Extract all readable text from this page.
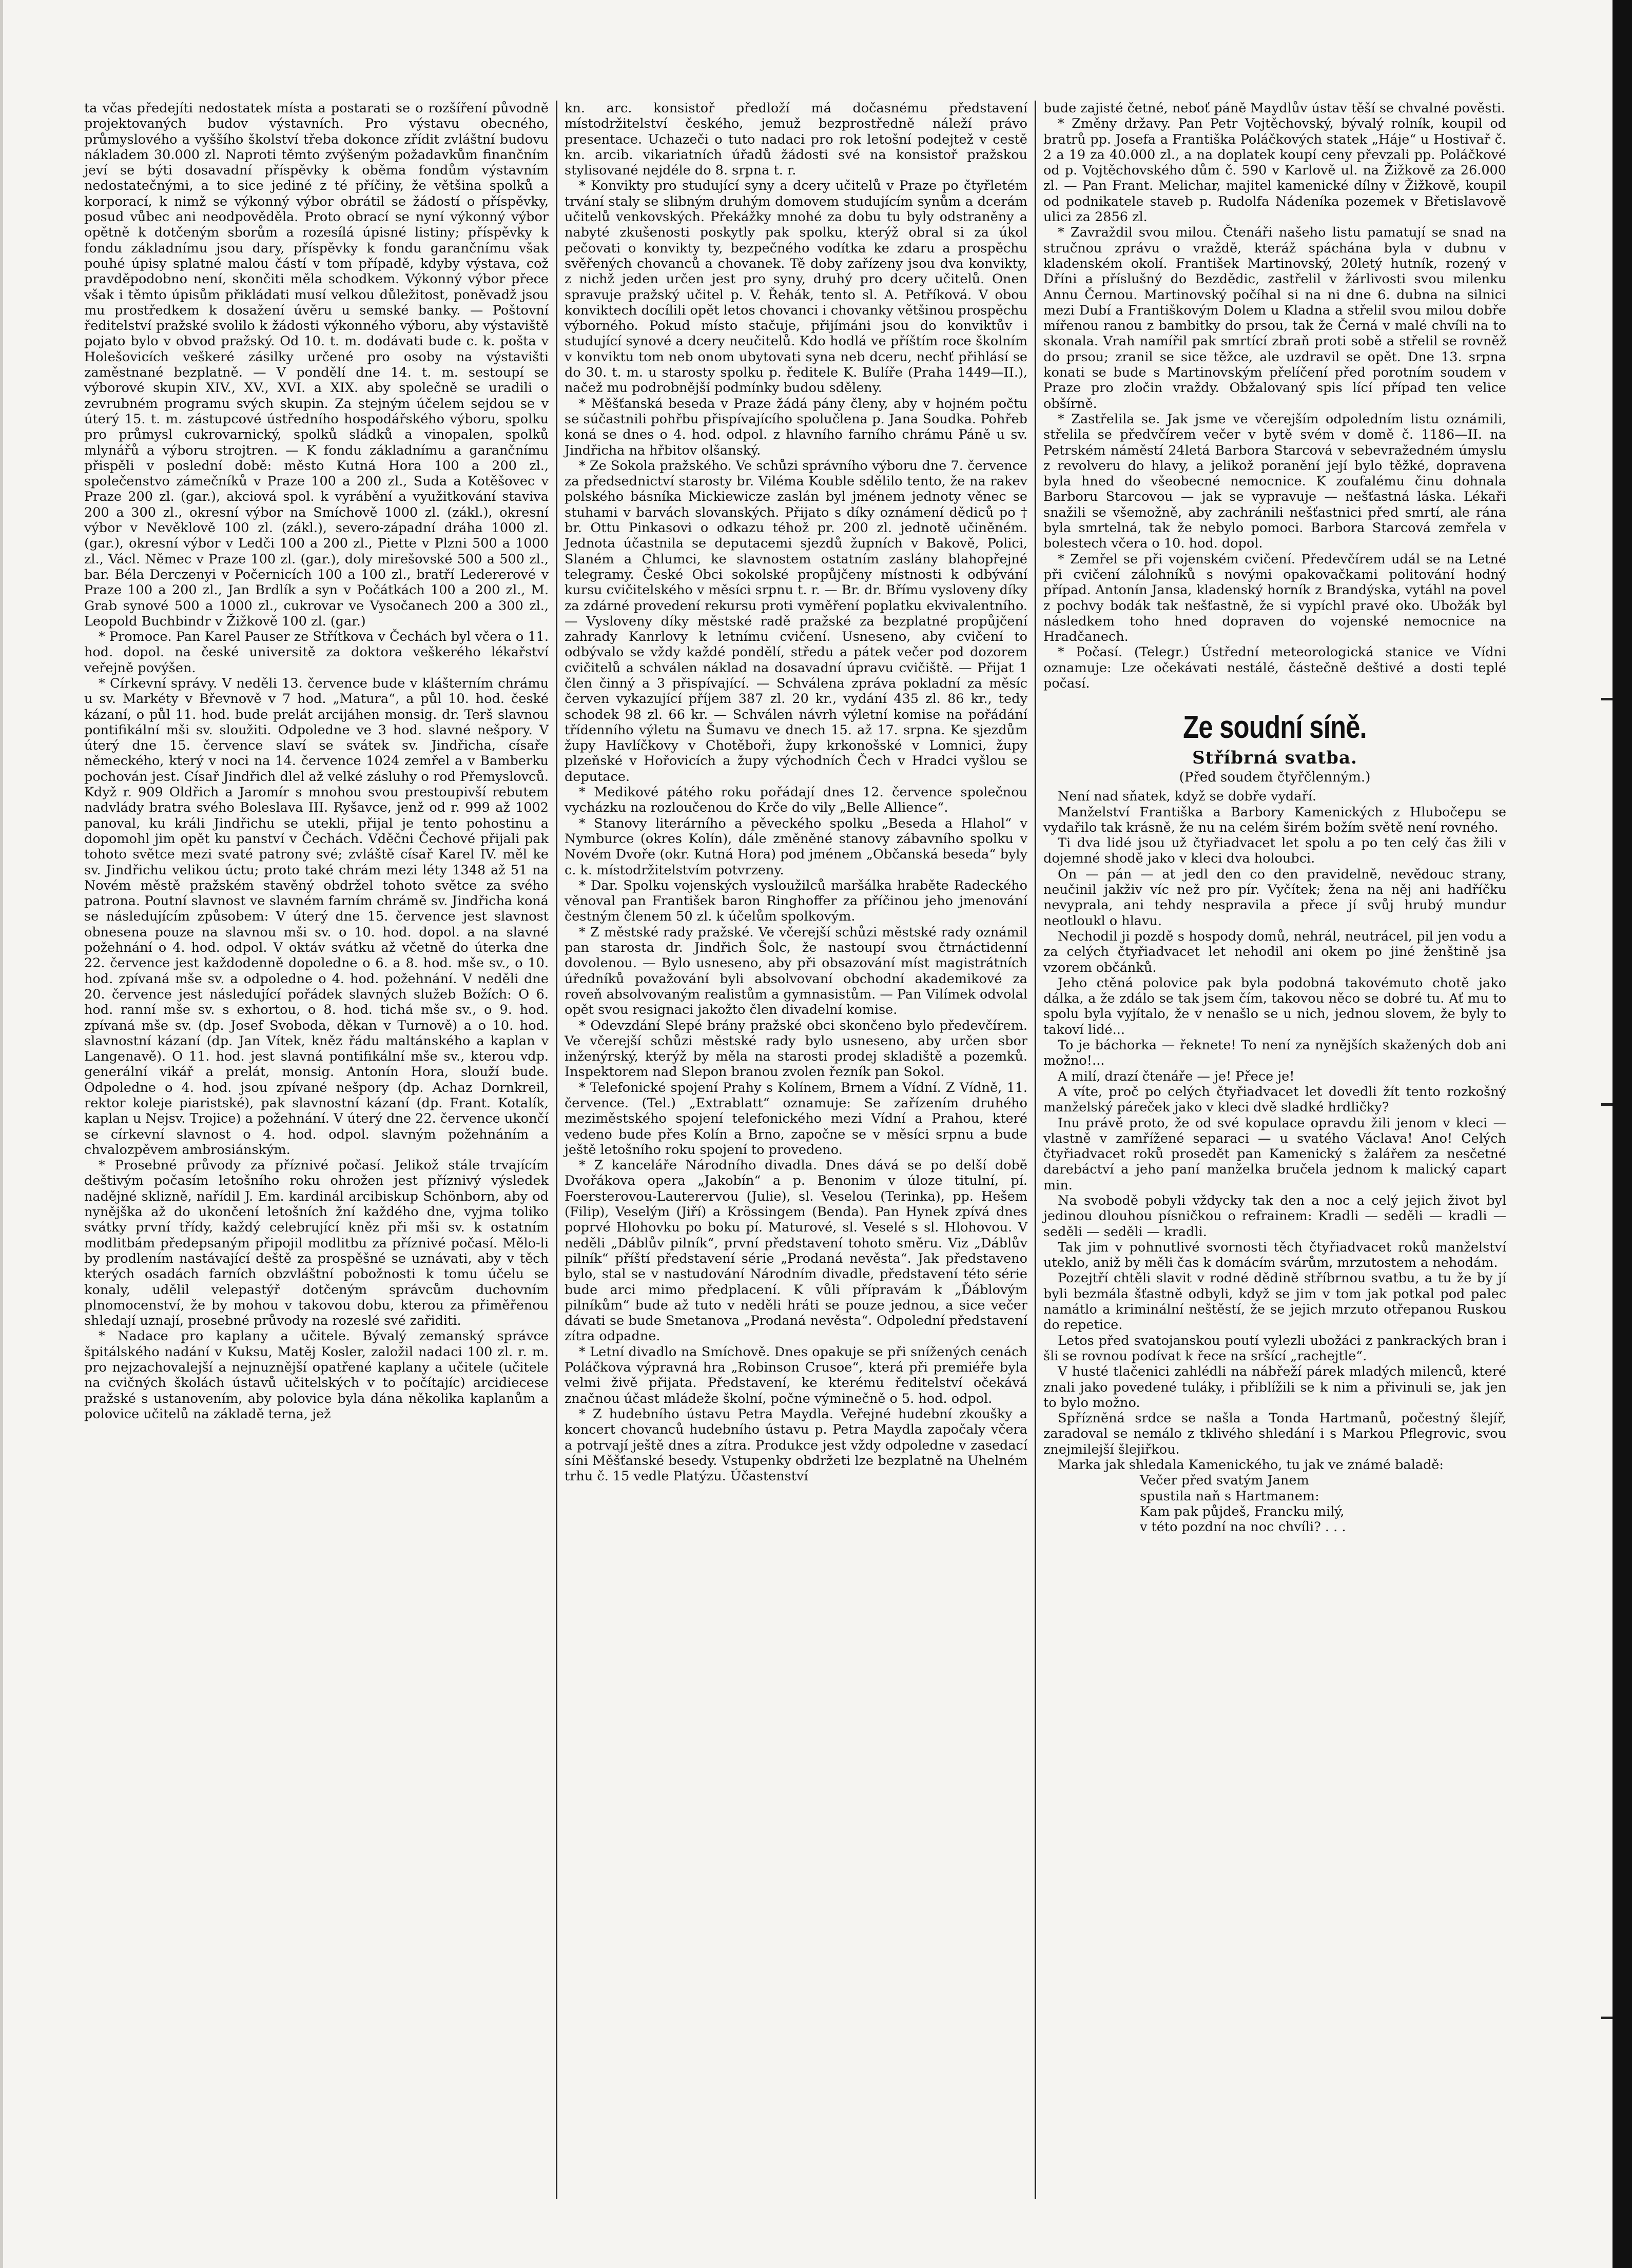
ta včas předejíti nedostatek místa a postarati se o rozšíření původně projektovaných budov výstavních. Pro výstavu obecného, průmyslového a vyššího školství třeba dokonce zřídit zvláštní budovu nákladem 30.000 zl. Naproti těmto zvýšeným požadavkům finančním jeví se býti dosavadní příspěvky k oběma fondům výstavním nedostatečnými, a to sice jediné z té příčiny, že většina spolků a korporací, k nimž se výkonný výbor obrátil se žádostí o příspěvky, posud vůbec ani neodpověděla. Proto obrací se nyní výkonný výbor opětně k dotčeným sborům a rozesílá úpisné listiny; příspěvky k fondu základnímu jsou dary, příspěvky k fondu garančnímu však pouhé úpisy splatné malou částí v tom případě, kdyby výstava, což pravděpodobno není, skončiti měla schodkem. Výkonný výbor přece však i těmto úpisům přikládati musí velkou důležitost, poněvadž jsou mu prostředkem k dosažení úvěru u semské banky. — Poštovní ředitelství pražské svolilo k žádosti výkonného výboru, aby výstaviště pojato bylo v obvod pražský. Od 10. t. m. dodávati bude c. k. pošta v Holešovicích veškeré zásilky určené pro osoby na výstavišti zaměstnané bezplatně. — V pondělí dne 14. t. m. sestoupí se výborové skupin XIV., XV., XVI. a XIX. aby společně se uradili o zevrubném programu svých skupin. Za stejným účelem sejdou se v úterý 15. t. m. zástupcové ústředního hospodářského výboru, spolku pro průmysl cukrovarnický, spolků sládků a vinopalen, spolků mlynářů a výboru strojtren. — K fondu základnímu a garančnímu přispěli v poslední době: město Kutná Hora 100 a 200 zl., společenstvo zámečníků v Praze 100 a 200 zl., Suda a Kotěšovec v Praze 200 zl. (gar.), akciová spol. k vyrábění a využitkování staviva 200 a 300 zl., okresní výbor na Smíchově 1000 zl. (zákl.), okresní výbor v Nevěklově 100 zl. (zákl.), severo-západní dráha 1000 zl. (gar.), okresní výbor v Ledči 100 a 200 zl., Piette v Plzni 500 a 1000 zl., Václ. Němec v Praze 100 zl. (gar.), doly mirešovské 500 a 500 zl., bar. Béla Derczenyi v Počernicích 100 a 100 zl., bratří Ledererové v Praze 100 a 200 zl., Jan Brdlík a syn v Počátkách 100 a 200 zl., M. Grab synové 500 a 1000 zl., cukrovar ve Vysočanech 200 a 300 zl., Leopold Buchbindr v Žižkově 100 zl. (gar.)

* Promoce. Pan Karel Pauser ze Střítkova v Čechách byl včera o 11. hod. dopol. na české universitě za doktora veškerého lékařství veřejně povýšen.

* Církevní správy. V neděli 13. července bude v klášterním chrámu u sv. Markéty v Břevnově v 7 hod. „Matura“, a půl 10. hod. české kázaní, o půl 11. hod. bude prelát arcijáhen monsig. dr. Terš slavnou pontifikální mši sv. sloužiti. Odpoledne ve 3 hod. slavné nešpory. V úterý dne 15. července slaví se svátek sv. Jindřicha, císaře německého, který v noci na 14. července 1024 zemřel a v Bamberku pochován jest. Císař Jindřich dlel až velké zásluhy o rod Přemyslovců. Když r. 909 Oldřich a Jaromír s mnohou svou prestoupivší rebutem nadvlády bratra svého Boleslava III. Ryšavce, jenž od r. 999 až 1002 panoval, ku králi Jindřichu se utekli, přijal je tento pohostinu a dopomohl jim opět ku panství v Čechách. Vděčni Čechové přijali pak tohoto světce mezi svaté patrony své; zvláště císař Karel IV. měl ke sv. Jindřichu velikou úctu; proto také chrám mezi léty 1348 až 51 na Novém městě pražském stavěný obdržel tohoto světce za svého patrona. Poutní slavnost ve slavném farním chrámě sv. Jindřicha koná se následujícím způsobem: V úterý dne 15. července jest slavnost obnesena pouze na slavnou mši sv. o 10. hod. dopol. a na slavné požehnání o 4. hod. odpol. V oktáv svátku až včetně do úterka dne 22. července jest každodenně dopoledne o 6. a 8. hod. mše sv., o 10. hod. zpívaná mše sv. a odpoledne o 4. hod. požehnání. V neděli dne 20. července jest následující pořádek slavných služeb Božích: O 6. hod. ranní mše sv. s exhortou, o 8. hod. tichá mše sv., o 9. hod. zpívaná mše sv. (dp. Josef Svoboda, děkan v Turnově) a o 10. hod. slavnostní kázaní (dp. Jan Vítek, kněz řádu maltánského a kaplan v Langenavě). O 11. hod. jest slavná pontifikální mše sv., kterou vdp. generální vikář a prelát, monsig. Antonín Hora, slouží bude. Odpoledne o 4. hod. jsou zpívané nešpory (dp. Achaz Dornkreil, rektor koleje piaristské), pak slavnostní kázaní (dp. Frant. Kotalík, kaplan u Nejsv. Trojice) a požehnání. V úterý dne 22. července ukončí se církevní slavnost o 4. hod. odpol. slavným požehnáním a chvalozpěvem ambrosiánským.

* Prosebné průvody za příznivé počasí. Jelikož stále trvajícím deštivým počasím letošního roku ohrožen jest příznivý výsledek nadějné sklizně, nařídil J. Em. kardinál arcibiskup Schönborn, aby od nynějška až do ukončení letošních žní každého dne, vyjma toliko svátky první třídy, každý celebrující kněz při mši sv. k ostatním modlitbám předepsaným připojil modlitbu za příznivé počasí. Mělo-li by prodlením nastávající deště za prospěšné se uznávati, aby v těch kterých osadách farních obzvláštní pobožnosti k tomu účelu se konaly, udělil velepastýř dotčeným správcům duchovním plnomocenství, že by mohou v takovou dobu, kterou za přiměřenou shledají uznají, prosebné průvody na rozeslé své zařiditi.

* Nadace pro kaplany a učitele. Bývalý zemanský správce špitálského nadání v Kuksu, Matěj Kosler, založil nadaci 100 zl. r. m. pro nejzachovalejší a nejnuznější opatřené kaplany a učitele (učitele na cvičných školách ústavů učitelských v to počítajíc) arcidiecese pražské s ustanovením, aby polovice byla dána několika kaplanům a polovice učitelů na základě terna, jež

kn. arc. konsistoř předloží má dočasnému představení místodržitelství českého, jemuž bezprostředně náleží právo presentace. Uchazeči o tuto nadaci pro rok letošní podejtež v cestě kn. arcib. vikariatních úřadů žádosti své na konsistoř pražskou stylisované nejdéle do 8. srpna t. r.

* Konvikty pro studující syny a dcery učitelů v Praze po čtyřletém trvání staly se slibným druhým domovem studujícím synům a dcerám učitelů venkovských. Překážky mnohé za dobu tu byly odstraněny a nabyté zkušenosti poskytly pak spolku, kterýž obral si za úkol pečovati o konvikty ty, bezpečného vodítka ke zdaru a prospěchu svěřených chovanců a chovanek. Tě doby zařízeny jsou dva konvikty, z nichž jeden určen jest pro syny, druhý pro dcery učitelů. Onen spravuje pražský učitel p. V. Řehák, tento sl. A. Petříková. V obou konviktech docílili opět letos chovanci i chovanky většinou prospěchu výborného. Pokud místo stačuje, přijímáni jsou do konviktův i studující synové a dcery neučitelů. Kdo hodlá ve příštím roce školním v konviktu tom neb onom ubytovati syna neb dceru, nechť přihlásí se do 30. t. m. u starosty spolku p. ředitele K. Bulíře (Praha 1449—II.), načež mu podrobnější podmínky budou sděleny.

* Měšťanská beseda v Praze žádá pány členy, aby v hojném počtu se súčastnili pohřbu přispívajícího spolučlena p. Jana Soudka. Pohřeb koná se dnes o 4. hod. odpol. z hlavního farního chrámu Páně u sv. Jindřicha na hřbitov olšanský.

* Ze Sokola pražského. Ve schůzi správního výboru dne 7. července za předsednictví starosty br. Viléma Kouble sdělilo tento, že na rakev polského básníka Mickiewicze zaslán byl jménem jednoty věnec se stuhami v barvách slovanských. Přijato s díky oznámení dědiců po † br. Ottu Pinkasovi o odkazu téhož pr. 200 zl. jednotě učiněném. Jednota účastnila se deputacemi sjezdů župních v Bakově, Polici, Slaném a Chlumci, ke slavnostem ostatním zaslány blahopřejné telegramy. České Obci sokolské propůjčeny místnosti k odbývání kursu cvičitelského v měsíci srpnu t. r. — Br. dr. Břímu vysloveny díky za zdárné provedení rekursu proti vyměření poplatku ekvivalentního. — Vysloveny díky městské radě pražské za bezplatné propůjčení zahrady Kanrlovy k letnímu cvičení. Usneseno, aby cvičení to odbývalo se vždy každé pondělí, středu a pátek večer pod dozorem cvičitelů a schválen náklad na dosavadní úpravu cvičiště. — Přijat 1 člen činný a 3 přispívající. — Schválena zpráva pokladní za měsíc červen vykazující příjem 387 zl. 20 kr., vydání 435 zl. 86 kr., tedy schodek 98 zl. 66 kr. — Schválen návrh výletní komise na pořádání třídenního výletu na Šumavu ve dnech 15. až 17. srpna. Ke sjezdům župy Havlíčkovy v Chotěboři, župy krkonošské v Lomnici, župy plzeňské v Hořovicích a župy východních Čech v Hradci vyšlou se deputace.

* Medikové pátého roku pořádají dnes 12. července společnou vycházku na rozloučenou do Krče do vily „Belle Allience“.

* Stanovy literárního a pěveckého spolku „Beseda a Hlahol“ v Nymburce (okres Kolín), dále změněné stanovy zábavního spolku v Novém Dvoře (okr. Kutná Hora) pod jménem „Občanská beseda“ byly c. k. místodržitelstvím potvrzeny.

* Dar. Spolku vojenských vysloužilců maršálka hraběte Radeckého věnoval pan František baron Ringhoffer za příčinou jeho jmenování čestným členem 50 zl. k účelům spolkovým.

* Z městské rady pražské. Ve včerejší schůzi městské rady oznámil pan starosta dr. Jindřich Šolc, že nastoupí svou čtrnáctidenní dovolenou. — Bylo usneseno, aby při obsazování míst magistrátních úředníků považování byli absolvovaní obchodní akademikové za roveň absolvovaným realistům a gymnasistům. — Pan Vilímek odvolal opět svou resignaci jakožto člen divadelní komise.

* Odevzdání Slepé brány pražské obci skončeno bylo předevčírem. Ve včerejší schůzi městské rady bylo usneseno, aby určen sbor inženýrský, kterýž by měla na starosti prodej skladiště a pozemků. Inspektorem nad Slepon branou zvolen řezník pan Sokol.

* Telefonické spojení Prahy s Kolínem, Brnem a Vídní. Z Vídně, 11. července. (Tel.) „Extrablatt“ oznamuje: Se zařízením druhého meziměstského spojení telefonického mezi Vídní a Prahou, které vedeno bude přes Kolín a Brno, započne se v měsíci srpnu a bude ještě letošního roku spojení to provedeno.

* Z kanceláře Národního divadla. Dnes dává se po delší době Dvořákova opera „Jakobín“ a p. Benonim v úloze titulní, pí. Foersterovou-Lauterervou (Julie), sl. Veselou (Terinka), pp. Hešem (Filip), Veselým (Jiří) a Krössingem (Benda). Pan Hynek zpívá dnes poprvé Hlohovku po boku pí. Maturové, sl. Veselé s sl. Hlohovou. V neděli „Dáblův pilník“, první představení tohoto směru. Viz „Dáblův pilník“ příští představení série „Prodaná nevěsta“. Jak představeno bylo, stal se v nastudování Národním divadle, představení této série bude arci mimo předplacení. K vůli přípravám k „Ďáblovým pilníkům“ bude až tuto v neděli hráti se pouze jednou, a sice večer dávati se bude Smetanova „Prodaná nevěsta“. Odpolední představení zítra odpadne.

* Letní divadlo na Smíchově. Dnes opakuje se při snížených cenách Poláčkova výpravná hra „Robinson Crusoe“, která při premiéře byla velmi živě přijata. Představení, ke kterému ředitelství očekává značnou účast mládeže školní, počne výminečně o 5. hod. odpol.

* Z hudebního ústavu Petra Maydla. Veřejné hudební zkoušky a koncert chovanců hudebního ústavu p. Petra Maydla započaly včera a potrvají ještě dnes a zítra. Produkce jest vždy odpoledne v zasedací síni Měšťanské besedy. Vstupenky obdržeti lze bezplatně na Uhelném trhu č. 15 vedle Platýzu. Účastenství

bude zajisté četné, neboť páně Maydlův ústav těší se chvalné pověsti.

* Změny državy. Pan Petr Vojtěchovský, bývalý rolník, koupil od bratrů pp. Josefa a Františka Poláčkových statek „Háje“ u Hostivař č. 2 a 19 za 40.000 zl., a na doplatek koupí ceny převzali pp. Poláčkové od p. Vojtěchovského dům č. 590 v Karlově ul. na Žižkově za 26.000 zl. — Pan Frant. Melichar, majitel kamenické dílny v Žižkově, koupil od podnikatele staveb p. Rudolfa Nádeníka pozemek v Břetislavově ulici za 2856 zl.

* Zavraždil svou milou. Čtenáři našeho listu pamatují se snad na stručnou zprávu o vraždě, kteráž spáchána byla v dubnu v kladenském okolí. František Martinovský, 20letý hutník, rozený v Dříni a příslušný do Bezdědic, zastřelil v žárlivosti svou milenku Annu Černou. Martinovský počíhal si na ni dne 6. dubna na silnici mezi Dubí a Františkovým Dolem u Kladna a střelil svou milou dobře mířenou ranou z bambitky do prsou, tak že Černá v malé chvíli na to skonala. Vrah namířil pak smrtící zbraň proti sobě a střelil se rovněž do prsou; zranil se sice těžce, ale uzdravil se opět. Dne 13. srpna konati se bude s Martinovským přelíčení před porotním soudem v Praze pro zločin vraždy. Obžalovaný spis lící případ ten velice obšírně.

* Zastřelila se. Jak jsme ve včerejším odpoledním listu oznámili, střelila se předvčírem večer v bytě svém v domě č. 1186—II. na Petrském náměstí 24letá Barbora Starcová v sebevražedném úmyslu z revolveru do hlavy, a jelikož poranění její bylo těžké, dopravena byla hned do všeobecné nemocnice. K zoufalému činu dohnala Barboru Starcovou — jak se vypravuje — nešťastná láska. Lékaři snažili se všemožně, aby zachránili nešťastnici před smrtí, ale rána byla smrtelná, tak že nebylo pomoci. Barbora Starcová zemřela v bolestech včera o 10. hod. dopol.

* Zemřel se při vojenském cvičení. Předevčírem udál se na Letné při cvičení zálohníků s novými opakovačkami politování hodný případ. Antonín Jansa, kladenský horník z Brandýska, vytáhl na povel z pochvy bodák tak nešťastně, že si vypíchl pravé oko. Ubožák byl následkem toho hned dopraven do vojenské nemocnice na Hradčanech.

* Počasí. (Telegr.) Ústřední meteorologická stanice ve Vídni oznamuje: Lze očekávati nestálé, částečně deštivé a dosti teplé počasí.

Ze soudní síně.
Stříbrná svatba.
(Před soudem čtyřčlenným.)

Není nad sňatek, když se dobře vydaří.

Manželství Františka a Barbory Kamenických z Hlubočepu se vydařilo tak krásně, že nu na celém širém božím světě není rovného.

Ti dva lidé jsou už čtyřiadvacet let spolu a po ten celý čas žili v dojemné shodě jako v kleci dva holoubci.

On — pán — at jedl den co den pravidelně, nevědouc strany, neučinil jakživ víc než pro pír. Vyčítek; žena na něj ani hadříčku nevyprala, ani tehdy nespravila a přece jí svůj hrubý mundur neotloukl o hlavu.

Nechodil ji pozdě s hospody domů, nehrál, neutrácel, pil jen vodu a za celých čtyřiadvacet let nehodil ani okem po jiné ženštině jsa vzorem občánků.

Jeho ctěná polovice pak byla podobná takovémuto chotě jako dálka, a že zdálo se tak jsem čím, takovou něco se dobré tu. Ať mu to spolu byla vyjítalo, že v nenašlo se u nich, jednou slovem, že byly to takoví lidé...

To je báchorka — řeknete! To není za nynějších skažených dob ani možno!...

A milí, drazí čtenáře — je! Přece je!

A víte, proč po celých čtyřiadvacet let dovedli žít tento rozkošný manželský páreček jako v kleci dvě sladké hrdličky?

Inu právě proto, že od své kopulace opravdu žili jenom v kleci — vlastně v zamřížené separaci — u svatého Václava! Ano! Celých čtyřiadvacet roků prosedět pan Kamenický s žalářem za nesčetné darebáctví a jeho paní manželka bručela jednom k malický capart min.

Na svobodě pobyli vždycky tak den a noc a celý jejich život byl jedinou dlouhou písničkou o refrainem: Kradli — seděli — kradli — seděli — seděli — kradli.

Tak jim v pohnutlivé svornosti těch čtyřiadvacet roků manželství uteklo, aniž by měli čas k domácím svárům, mrzutostem a nehodám.

Pozejtří chtěli slavit v rodné dědině stříbrnou svatbu, a tu že by jí byli bezmála šťastně odbyli, když se jim v tom jak potkal pod palec namátlo a kriminální neštěstí, že se jejich mrzuto otřepanou Ruskou do repetice.

Letos před svatojanskou poutí vylezli ubožáci z pankrackých bran i šli se rovnou podívat k řece na sršící „rachejtle“.

V husté tlačenici zahlédli na nábřeží párek mladých milenců, které znali jako povedené tuláky, i přiblížili se k nim a přivinuli se, jak jen to bylo možno.

Spřízněná srdce se našla a Tonda Hartmanů, počestný šlejíř, zaradoval se nemálo z tklivého shledání i s Markou Pflegrovic, svou znejmilejší šlejiřkou.

Marka jak shledala Kamenického, tu jak ve známé baladě:

Večer před svatým Janem

spustila naň s Hartmanem:

Kam pak půjdeš, Francku milý,

v této pozdní na noc chvíli? . . .
